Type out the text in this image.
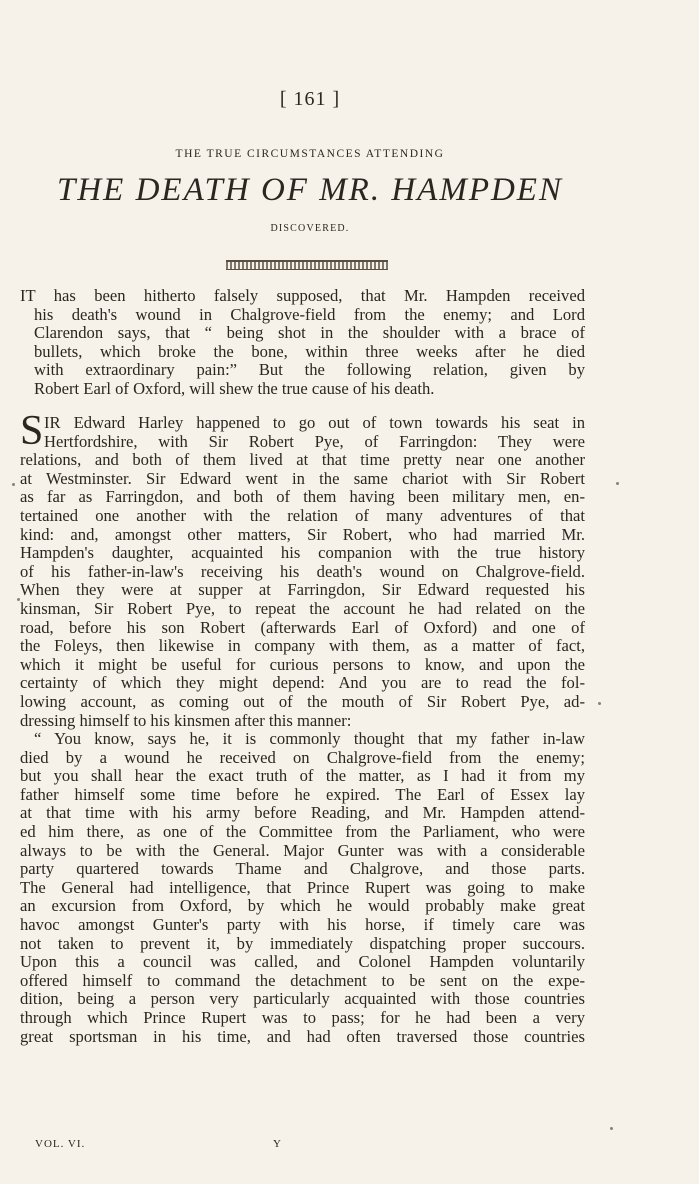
[ 161 ]
THE TRUE CIRCUMSTANCES ATTENDING
THE DEATH OF MR. HAMPDEN
DISCOVERED.
IT has been hitherto falsely supposed, that Mr. Hampden received
his death's wound in Chalgrove-field from the enemy; and Lord
Clarendon says, that “ being shot in the shoulder with a brace of
bullets, which broke the bone, within three weeks after he died
with extraordinary pain:” But the following relation, given by
Robert Earl of Oxford, will shew the true cause of his death.
S IR Edward Harley happened to go out of town towards his seat in
Hertfordshire, with Sir Robert Pye, of Farringdon: They were
relations, and both of them lived at that time pretty near one another
at Westminster. Sir Edward went in the same chariot with Sir Robert
as far as Farringdon, and both of them having been military men, en-
tertained one another with the relation of many adventures of that
kind: and, amongst other matters, Sir Robert, who had married Mr.
Hampden's daughter, acquainted his companion with the true history
of his father-in-law's receiving his death's wound on Chalgrove-field.
When they were at supper at Farringdon, Sir Edward requested his
kinsman, Sir Robert Pye, to repeat the account he had related on the
road, before his son Robert (afterwards Earl of Oxford) and one of
the Foleys, then likewise in company with them, as a matter of fact,
which it might be useful for curious persons to know, and upon the
certainty of which they might depend: And you are to read the fol-
lowing account, as coming out of the mouth of Sir Robert Pye, ad-
dressing himself to his kinsmen after this manner:
“ You know, says he, it is commonly thought that my father in-law
died by a wound he received on Chalgrove-field from the enemy;
but you shall hear the exact truth of the matter, as I had it from my
father himself some time before he expired. The Earl of Essex lay
at that time with his army before Reading, and Mr. Hampden attend-
ed him there, as one of the Committee from the Parliament, who were
always to be with the General. Major Gunter was with a considerable
party quartered towards Thame and Chalgrove, and those parts.
The General had intelligence, that Prince Rupert was going to make
an excursion from Oxford, by which he would probably make great
havoc amongst Gunter's party with his horse, if timely care was
not taken to prevent it, by immediately dispatching proper succours.
Upon this a council was called, and Colonel Hampden voluntarily
offered himself to command the detachment to be sent on the expe-
dition, being a person very particularly acquainted with those countries
through which Prince Rupert was to pass; for he had been a very
great sportsman in his time, and had often traversed those countries
VOL. VI.	Y
